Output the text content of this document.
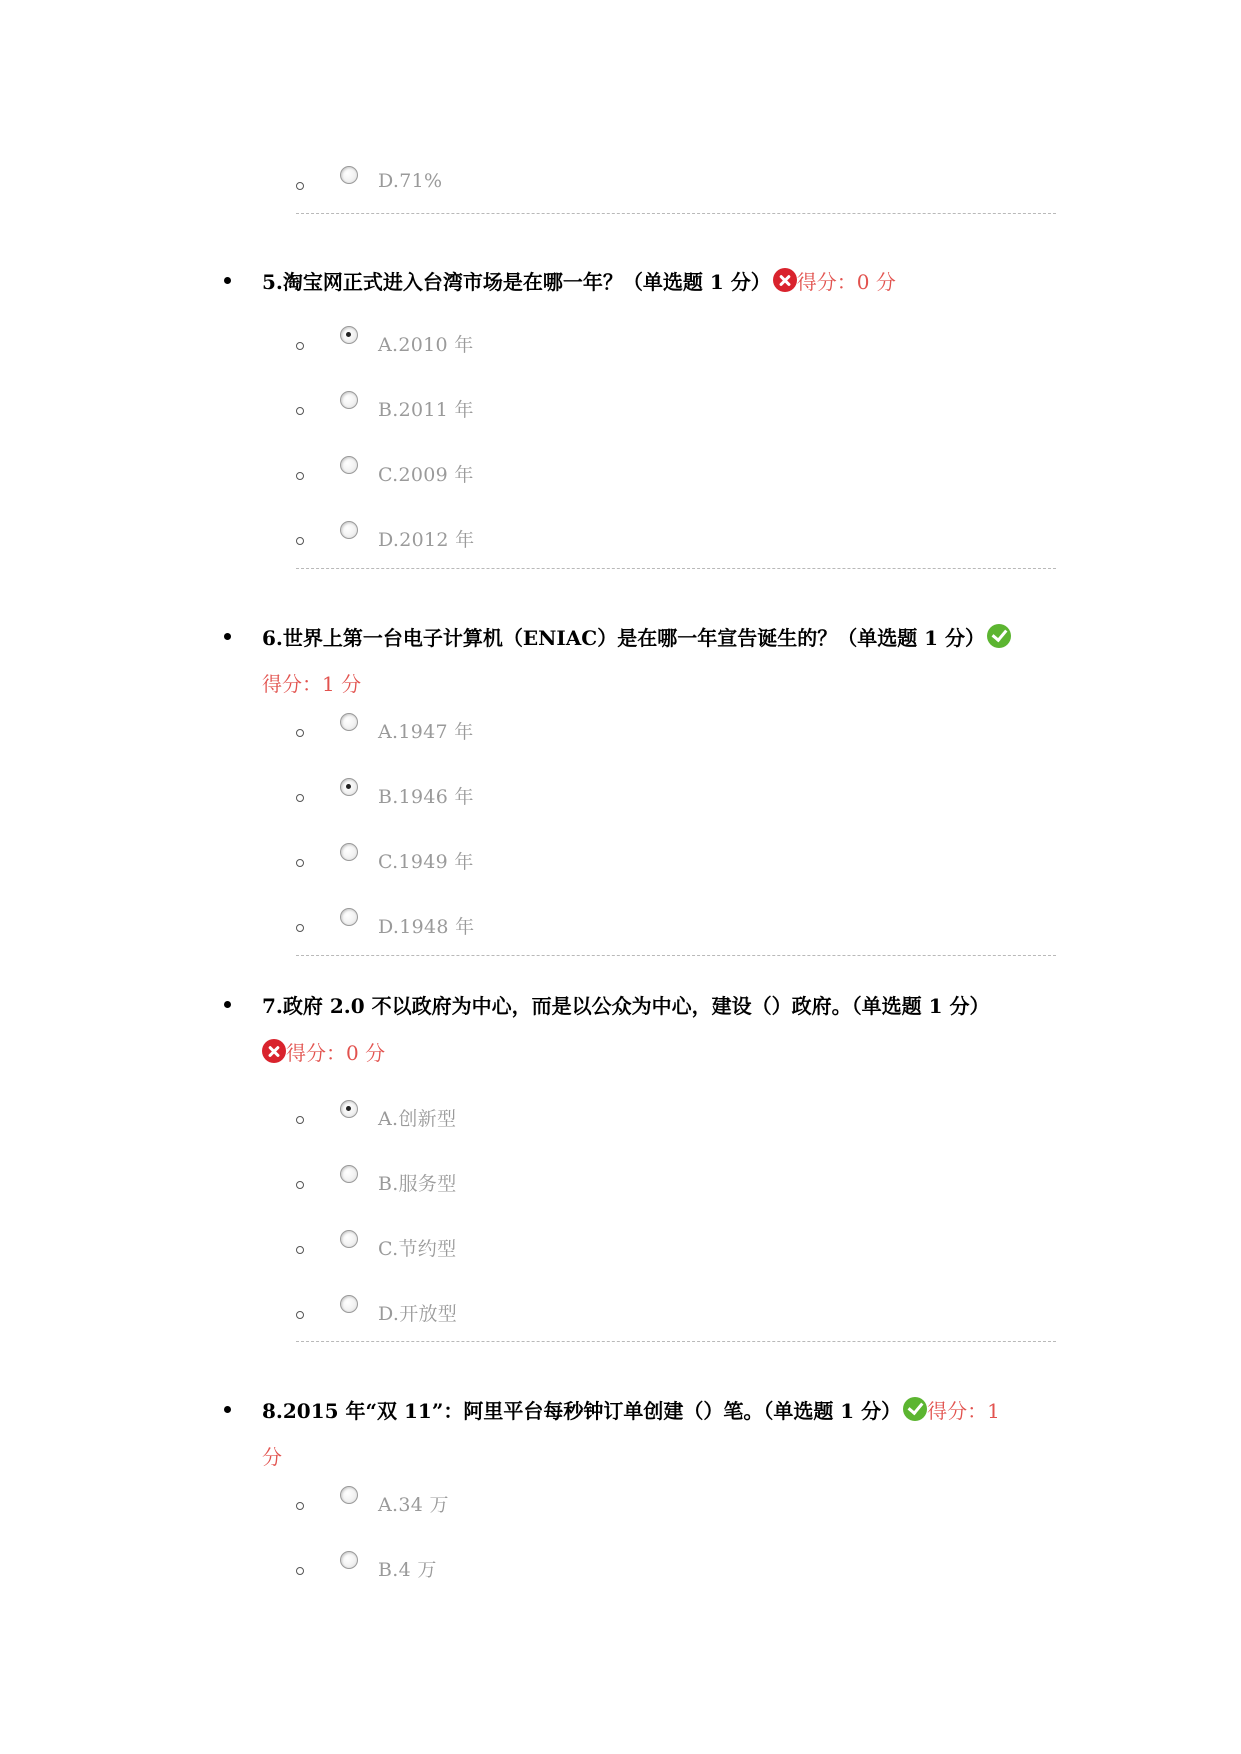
D.71%
5.淘宝网正式进入台湾市场是在哪一年？（单选题 1 分） 得分：0 分
A.2010 年
B.2011 年
C.2009 年
D.2012 年
6.世界上第一台电子计算机（ENIAC）是在哪一年宣告诞生的？（单选题 1 分）
得分：1 分
A.1947 年
B.1946 年
C.1949 年
D.1948 年
7.政府 2.0 不以政府为中心，而是以公众为中心，建设（）政府。（单选题 1 分）
得分：0 分
A.创新型
B.服务型
C.节约型
D.开放型
8.2015 年“双 11”：阿里平台每秒钟订单创建（）笔。（单选题 1 分） 得分：1
分
A.34 万
B.4 万
